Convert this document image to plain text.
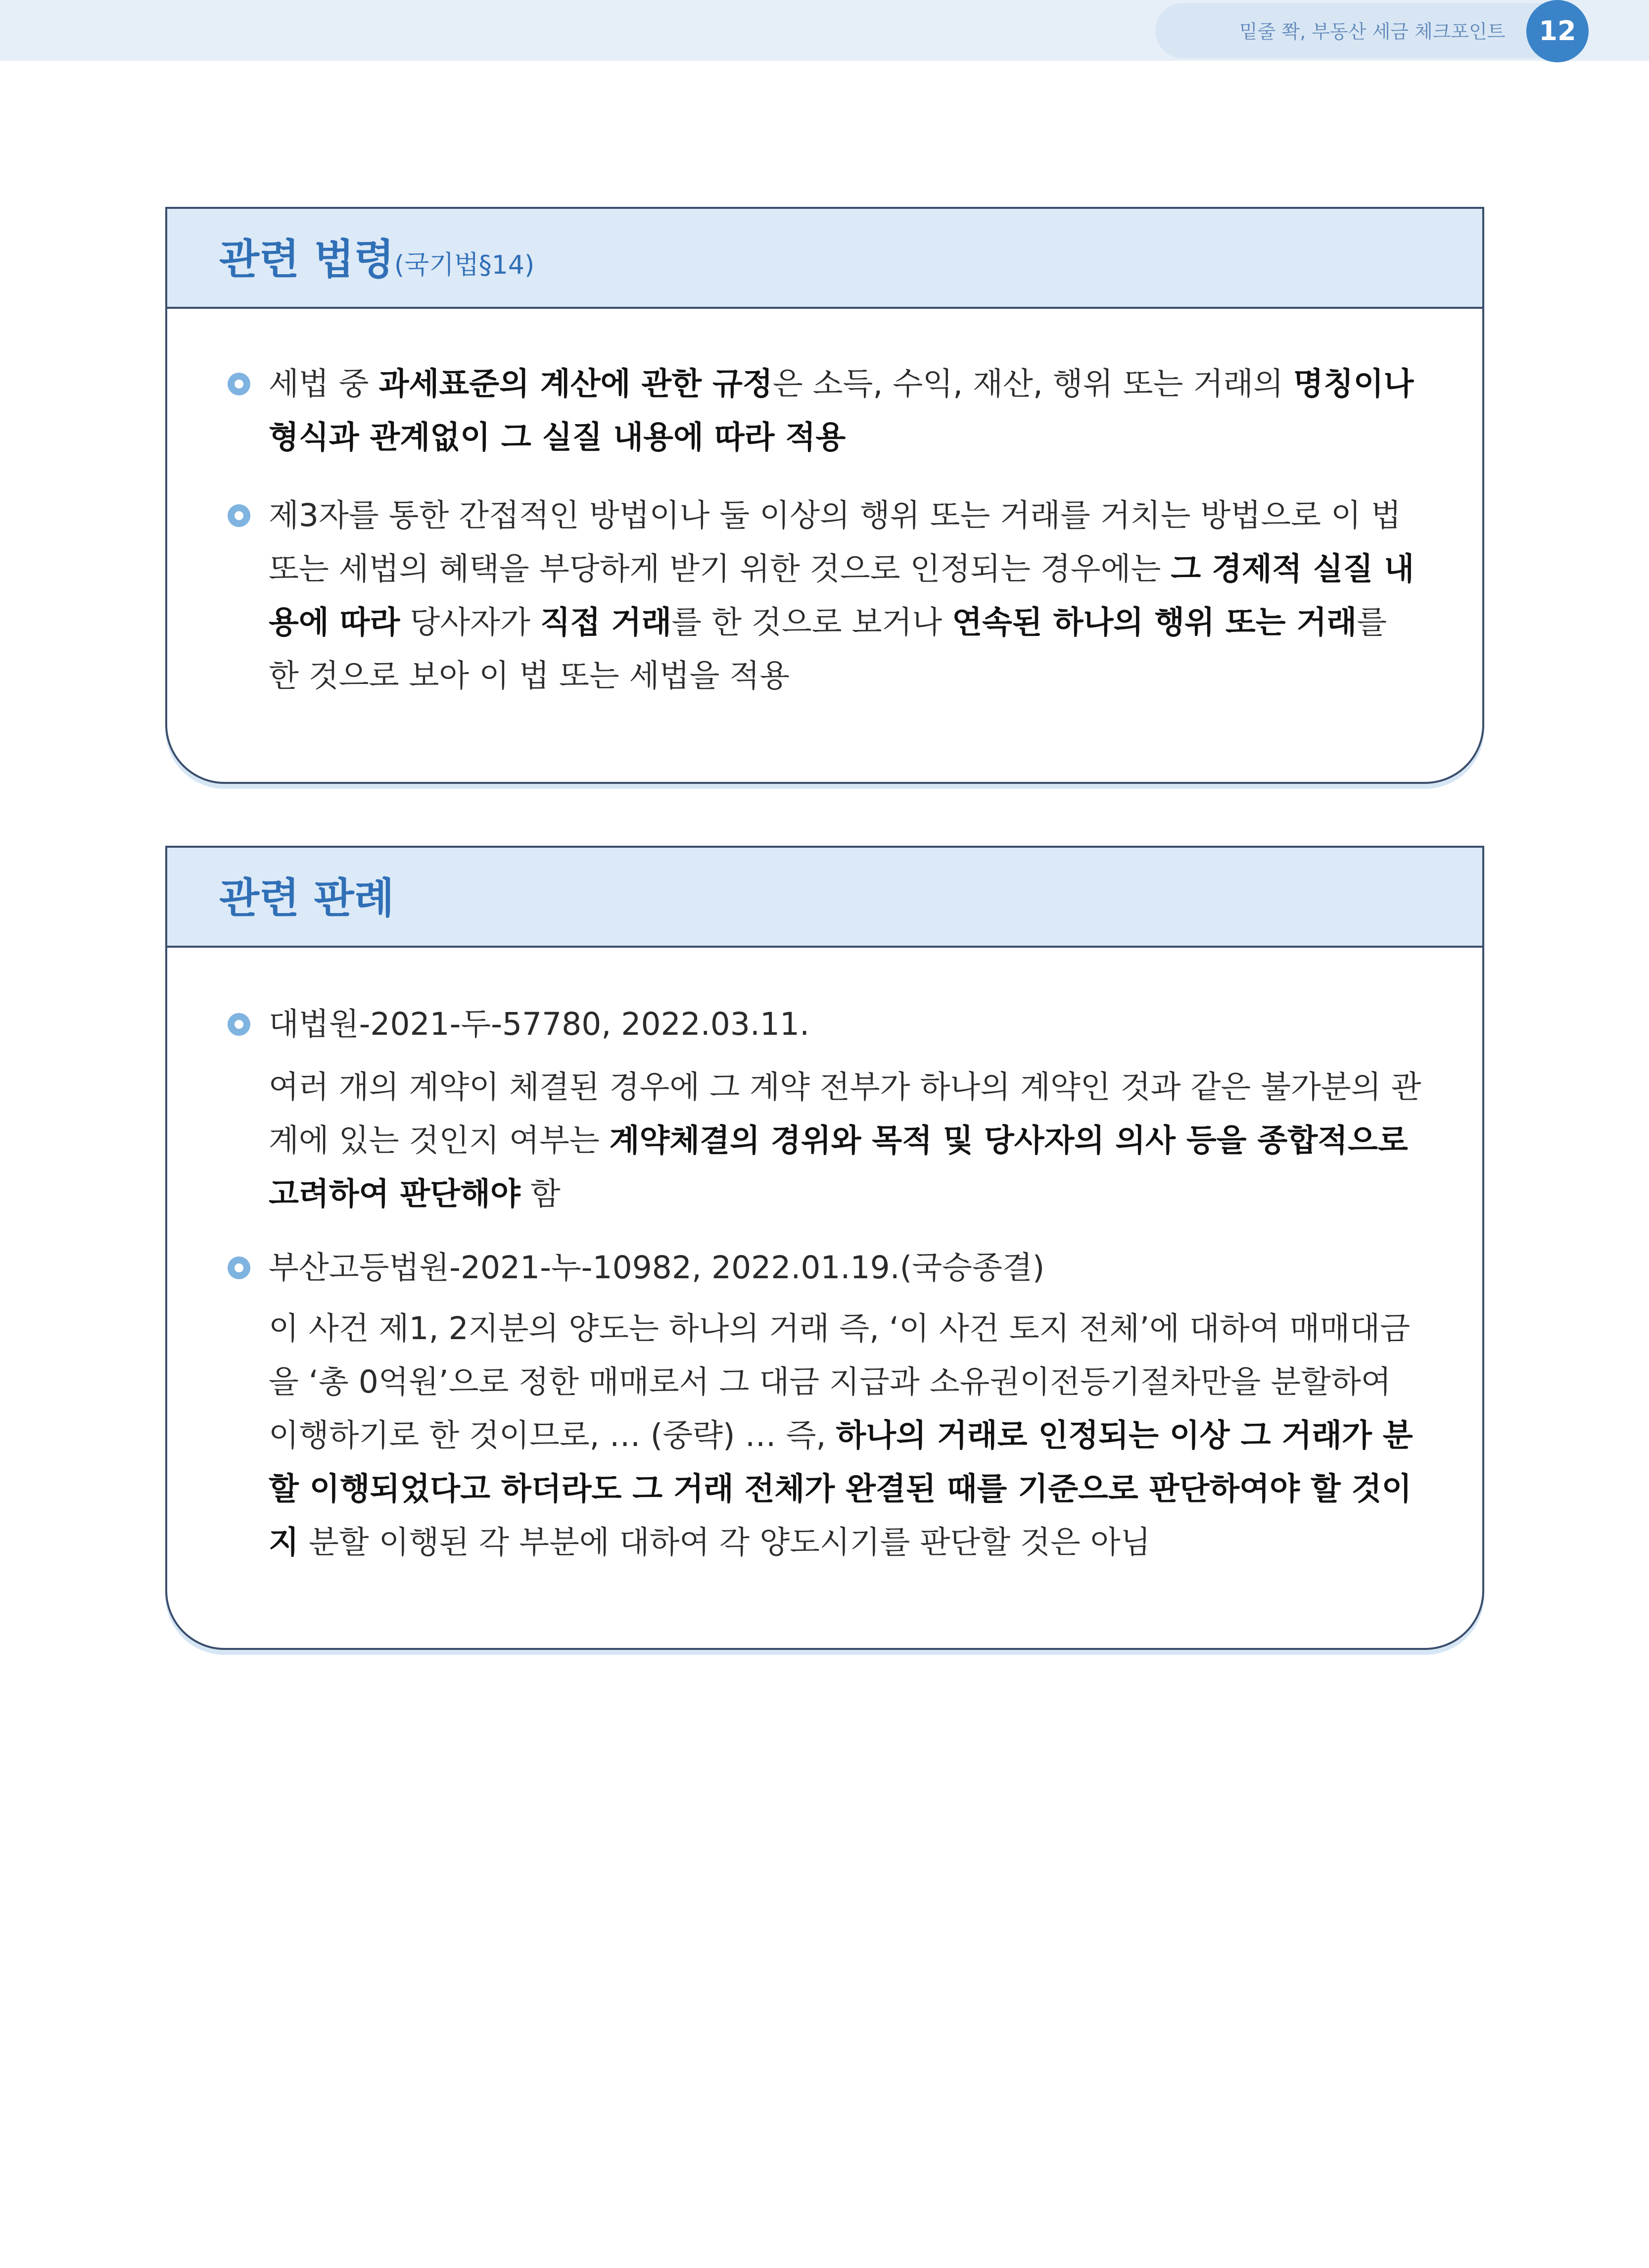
밑줄 쫙, 부동산 세금 체크포인트	12
관련 법령(국기법§14)
세법 중 과세표준의 계산에 관한 규정은 소득, 수익, 재산, 행위 또는 거래의 명칭이나 형식과 관계없이 그 실질 내용에 따라 적용
제3자를 통한 간접적인 방법이나 둘 이상의 행위 또는 거래를 거치는 방법으로 이 법 또는 세법의 혜택을 부당하게 받기 위한 것으로 인정되는 경우에는 그 경제적 실질 내용에 따라 당사자가 직접 거래를 한 것으로 보거나 연속된 하나의 행위 또는 거래를 한 것으로 보아 이 법 또는 세법을 적용
관련 판례
대법원-2021-두-57780, 2022.03.11.
여러 개의 계약이 체결된 경우에 그 계약 전부가 하나의 계약인 것과 같은 불가분의 관계에 있는 것인지 여부는 계약체결의 경위와 목적 및 당사자의 의사 등을 종합적으로 고려하여 판단해야 함
부산고등법원-2021-누-10982, 2022.01.19.(국승종결)
이 사건 제1, 2지분의 양도는 하나의 거래 즉, ‘이 사건 토지 전체’에 대하여 매매대금을 ‘총 0억원’으로 정한 매매로서 그 대금 지급과 소유권이전등기절차만을 분할하여 이행하기로 한 것이므로, … (중략) … 즉, 하나의 거래로 인정되는 이상 그 거래가 분할 이행되었다고 하더라도 그 거래 전체가 완결된 때를 기준으로 판단하여야 할 것이지 분할 이행된 각 부분에 대하여 각 양도시기를 판단할 것은 아님
